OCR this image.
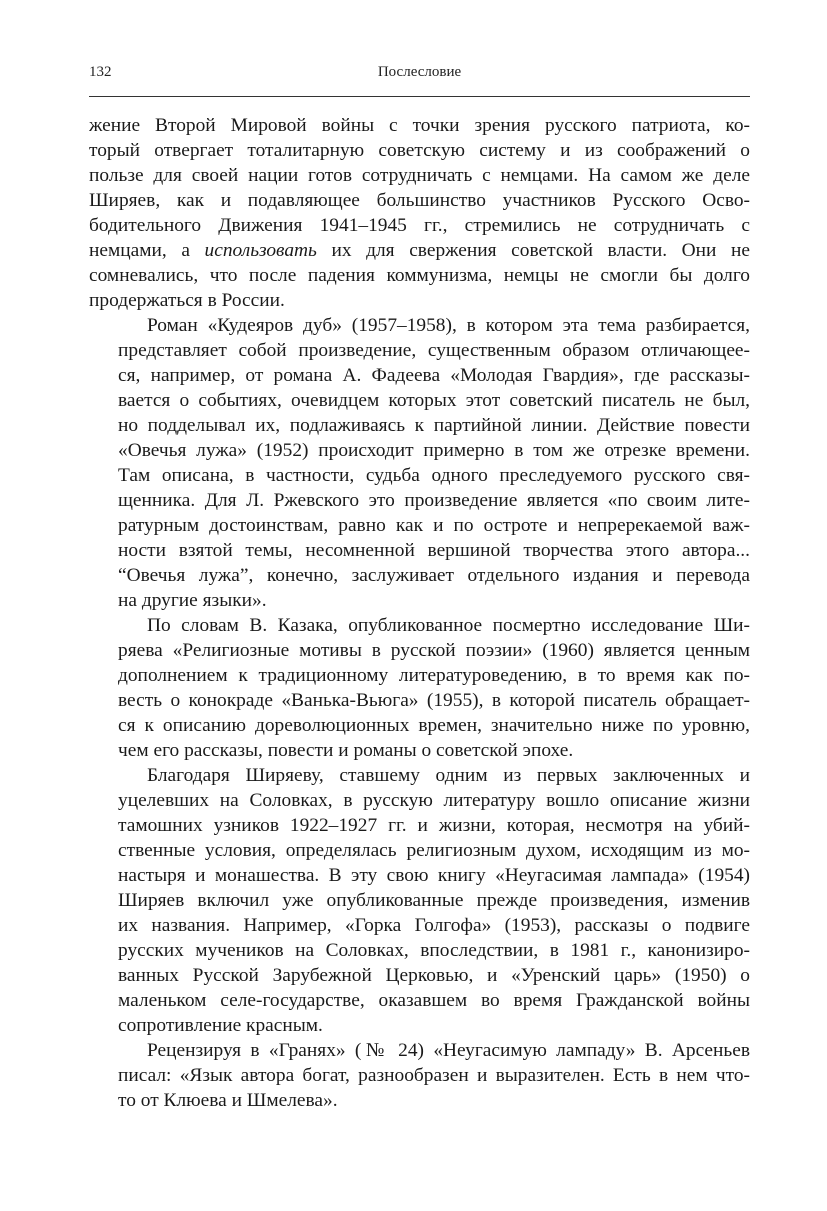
132	Послесловие

жение Второй Мировой войны с точки зрения русского патриота, ко-
торый отвергает тоталитарную советскую систему и из соображений о
пользе для своей нации готов сотрудничать с немцами. На самом же деле
Ширяев, как и подавляющее большинство участников Русского Осво-
бодительного Движения 1941–1945 гг., стремились не сотрудничать с
немцами, а использовать их для свержения советской власти. Они не
сомневались, что после падения коммунизма, немцы не смогли бы долго
продержаться в России.

Роман «Кудеяров дуб» (1957–1958), в котором эта тема разбирается,
представляет собой произведение, существенным образом отличающее-
ся, например, от романа А. Фадеева «Молодая Гвардия», где рассказы-
вается о событиях, очевидцем которых этот советский писатель не был,
но подделывал их, подлаживаясь к партийной линии. Действие повести
«Овечья лужа» (1952) происходит примерно в том же отрезке времени.
Там описана, в частности, судьба одного преследуемого русского свя-
щенника. Для Л. Ржевского это произведение является «по своим лите-
ратурным достоинствам, равно как и по остроте и непререкаемой важ-
ности взятой темы, несомненной вершиной творчества этого автора...
“Овечья лужа”, конечно, заслуживает отдельного издания и перевода
на другие языки».

По словам В. Казака, опубликованное посмертно исследование Ши-
ряева «Религиозные мотивы в русской поэзии» (1960) является ценным
дополнением к традиционному литературоведению, в то время как по-
весть о конокраде «Ванька-Вьюга» (1955), в которой писатель обращает-
ся к описанию дореволюционных времен, значительно ниже по уровню,
чем его рассказы, повести и романы о советской эпохе.

Благодаря Ширяеву, ставшему одним из первых заключенных и
уцелевших на Соловках, в русскую литературу вошло описание жизни
тамошних узников 1922–1927 гг. и жизни, которая, несмотря на убий-
ственные условия, определялась религиозным духом, исходящим из мо-
настыря и монашества. В эту свою книгу «Неугасимая лампада» (1954)
Ширяев включил уже опубликованные прежде произведения, изменив
их названия. Например, «Горка Голгофа» (1953), рассказы о подвиге
русских мучеников на Соловках, впоследствии, в 1981 г., канонизиро-
ванных Русской Зарубежной Церковью, и «Уренский царь» (1950) о
маленьком селе-государстве, оказавшем во время Гражданской войны
сопротивление красным.

Рецензируя в «Гранях» (№ 24) «Неугасимую лампаду» В. Арсеньев
писал: «Язык автора богат, разнообразен и выразителен. Есть в нем что-
то от Клюева и Шмелева».
